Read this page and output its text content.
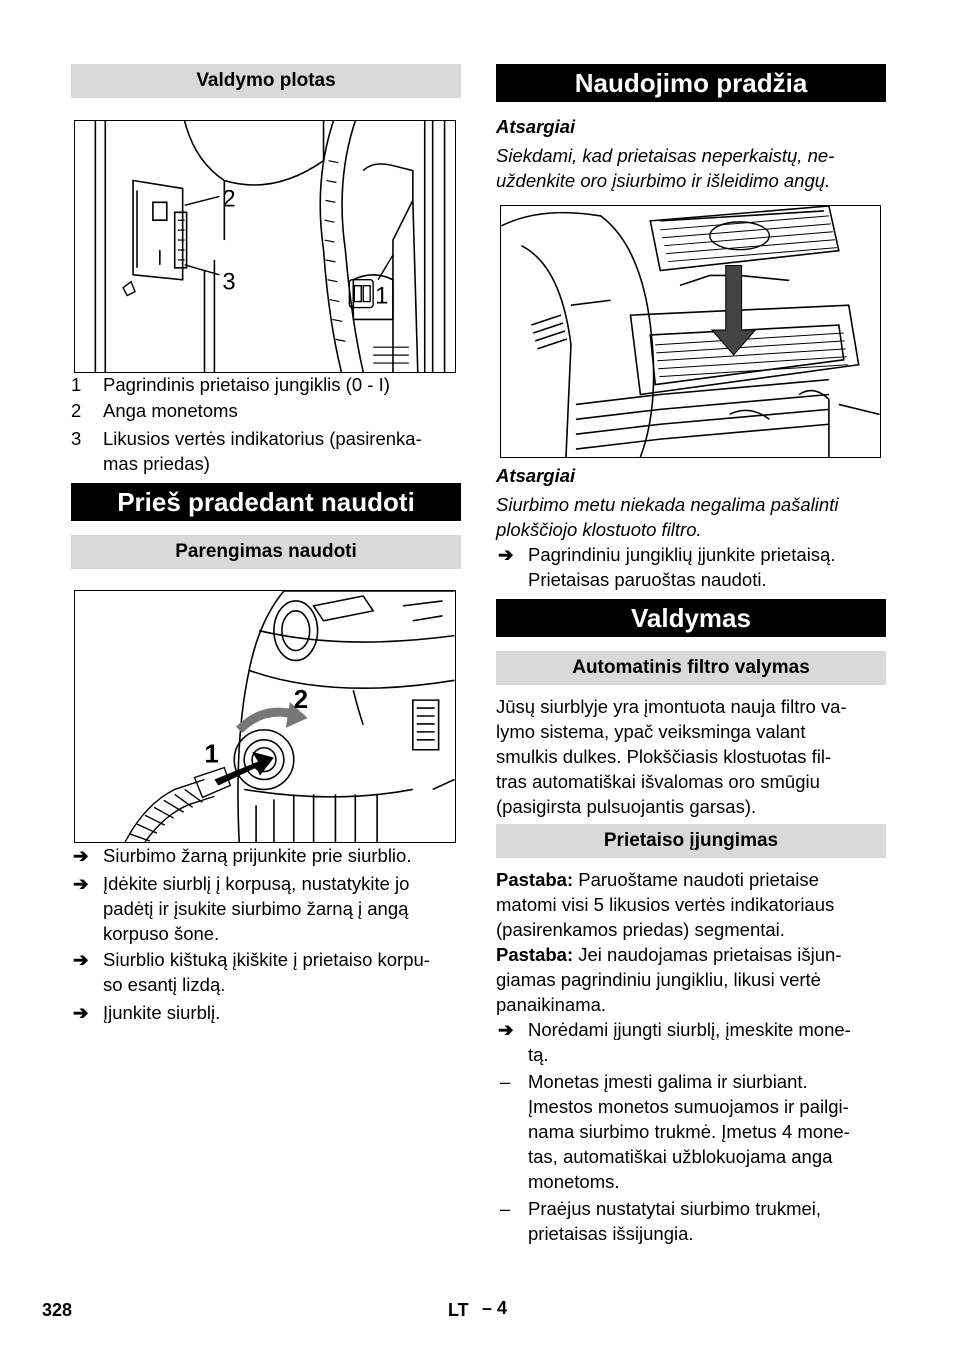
Valdymo plotas
2
3
1
1 Pagrindinis prietaiso jungiklis (0 - I)
2 Anga monetoms
3 Likusios vertės indikatorius (pasirenka-
mas priedas)
Prieš pradedant naudoti
Parengimas naudoti
2
1
➔ Siurbimo žarną prijunkite prie siurblio.
➔ Įdėkite siurblį į korpusą, nustatykite jo
padėtį ir įsukite siurbimo žarną į angą
korpuso šone.
➔ Siurblio kištuką įkiškite į prietaiso korpu-
so esantį lizdą.
➔ Įjunkite siurblį.
Naudojimo pradžia
Atsargiai
Siekdami, kad prietaisas neperkaistų, ne-
uždenkite oro įsiurbimo ir išleidimo angų.
Atsargiai
Siurbimo metu niekada negalima pašalinti
plokščiojo klostuoto filtro.
➔ Pagrindiniu jungiklių įjunkite prietaisą.
Prietaisas paruoštas naudoti.
Valdymas
Automatinis filtro valymas
Jūsų siurblyje yra įmontuota nauja filtro va-
lymo sistema, ypač veiksminga valant
smulkis dulkes. Plokščiasis klostuotas fil-
tras automatiškai išvalomas oro smūgiu
(pasigirsta pulsuojantis garsas).
Prietaiso įjungimas
Pastaba: Paruoštame naudoti prietaise
matomi visi 5 likusios vertės indikatoriaus
(pasirenkamos priedas) segmentai.
Pastaba: Jei naudojamas prietaisas išjun-
giamas pagrindiniu jungikliu, likusi vertė
panaikinama.
➔ Norėdami įjungti siurblį, įmeskite mone-
tą.
– Monetas įmesti galima ir siurbiant.
Įmestos monetos sumuojamos ir pailgi-
nama siurbimo trukmė. Įmetus 4 mone-
tas, automatiškai užblokuojama anga
monetoms.
– Praėjus nustatytai siurbimo trukmei,
prietaisas išsijungia.
328	LT – 4
